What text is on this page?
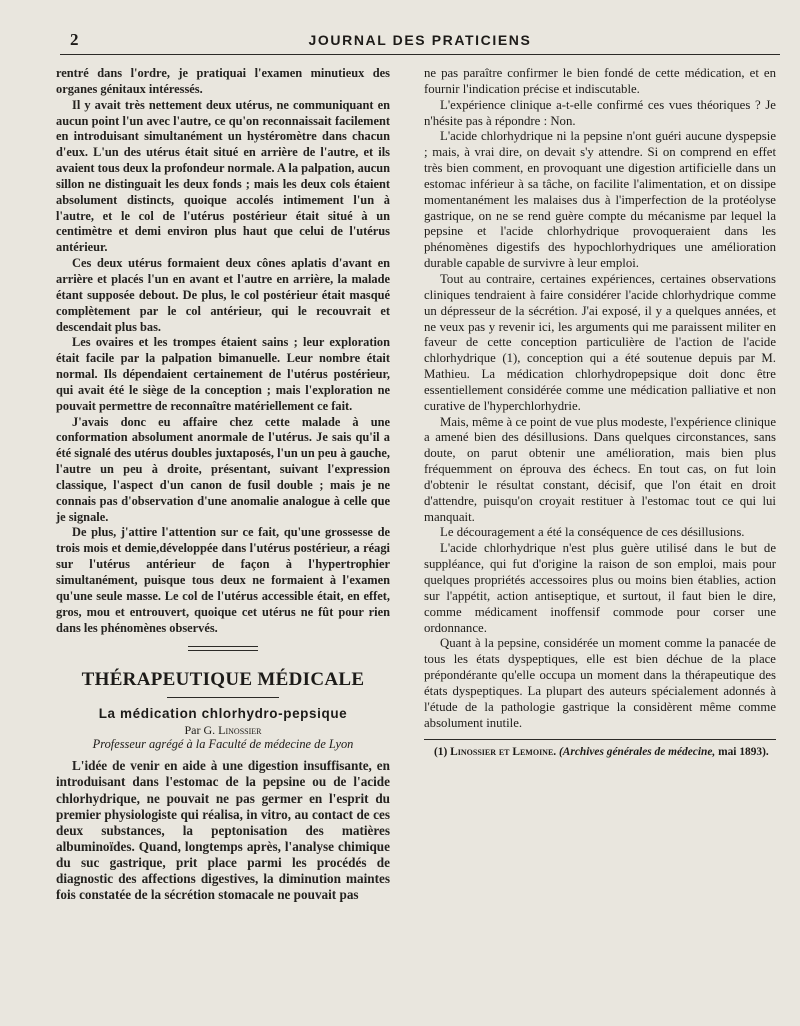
2	JOURNAL DES PRATICIENS

rentré dans l'ordre, je pratiquai l'examen minutieux des organes génitaux intéressés.

Il y avait très nettement deux utérus, ne communiquant en aucun point l'un avec l'autre, ce qu'on reconnaissait facilement en introduisant simultanément un hystéromètre dans chacun d'eux. L'un des utérus était situé en arrière de l'autre, et ils avaient tous deux la profondeur normale. A la palpation, aucun sillon ne distinguait les deux fonds ; mais les deux cols étaient absolument distincts, quoique accolés intimement l'un à l'autre, et le col de l'utérus postérieur était situé à un centimètre et demi environ plus haut que celui de l'utérus antérieur.

Ces deux utérus formaient deux cônes aplatis d'avant en arrière et placés l'un en avant et l'autre en arrière, la malade étant supposée debout. De plus, le col postérieur était masqué complètement par le col antérieur, qui le recouvrait et descendait plus bas.

Les ovaires et les trompes étaient sains ; leur exploration était facile par la palpation bimanuelle. Leur nombre était normal. Ils dépendaient certainement de l'utérus postérieur, qui avait été le siège de la conception ; mais l'exploration ne pouvait permettre de reconnaître matériellement ce fait.

J'avais donc eu affaire chez cette malade à une conformation absolument anormale de l'utérus. Je sais qu'il a été signalé des utérus doubles juxtaposés, l'un un peu à gauche, l'autre un peu à droite, présentant, suivant l'expression classique, l'aspect d'un canon de fusil double ; mais je ne connais pas d'observation d'une anomalie analogue à celle que je signale.

De plus, j'attire l'attention sur ce fait, qu'une grossesse de trois mois et demie,développée dans l'utérus postérieur, a réagi sur l'utérus antérieur de façon à l'hypertrophier simultanément, puisque tous deux ne formaient à l'examen qu'une seule masse. Le col de l'utérus accessible était, en effet, gros, mou et entrouvert, quoique cet utérus ne fût pour rien dans les phénomènes observés.

THÉRAPEUTIQUE MÉDICALE
La médication chlorhydro-pepsique
Par G. Linossier
Professeur agrégé à la Faculté de médecine de Lyon

L'idée de venir en aide à une digestion insuffisante, en introduisant dans l'estomac de la pepsine ou de l'acide chlorhydrique, ne pouvait ne pas germer en l'esprit du premier physiologiste qui réalisa, in vitro, au contact de ces deux substances, la peptonisation des matières albuminoïdes. Quand, longtemps après, l'analyse chimique du suc gastrique, prit place parmi les procédés de diagnostic des affections digestives, la diminution maintes fois constatée de la sécrétion stomacale ne pouvait pas

ne pas paraître confirmer le bien fondé de cette médication, et en fournir l'indication précise et indiscutable.

L'expérience clinique a-t-elle confirmé ces vues théoriques ? Je n'hésite pas à répondre : Non.

L'acide chlorhydrique ni la pepsine n'ont guéri aucune dyspepsie ; mais, à vrai dire, on devait s'y attendre. Si on comprend en effet très bien comment, en provoquant une digestion artificielle dans un estomac inférieur à sa tâche, on facilite l'alimentation, et on dissipe momentanément les malaises dus à l'imperfection de la protéolyse gastrique, on ne se rend guère compte du mécanisme par lequel la pepsine et l'acide chlorhydrique provoqueraient dans les phénomènes digestifs des hypochlorhydriques une amélioration durable capable de survivre à leur emploi.

Tout au contraire, certaines expériences, certaines observations cliniques tendraient à faire considérer l'acide chlorhydrique comme un dépresseur de la sécrétion. J'ai exposé, il y a quelques années, et ne veux pas y revenir ici, les arguments qui me paraissent militer en faveur de cette conception particulière de l'action de l'acide chlorhydrique (1), conception qui a été soutenue depuis par M. Mathieu. La médication chlorhydropepsique doit donc être essentiellement considérée comme une médication palliative et non curative de l'hyperchlorhydrie.

Mais, même à ce point de vue plus modeste, l'expérience clinique a amené bien des désillusions. Dans quelques circonstances, sans doute, on parut obtenir une amélioration, mais bien plus fréquemment on éprouva des échecs. En tout cas, on fut loin d'obtenir le résultat constant, décisif, que l'on était en droit d'attendre, puisqu'on croyait restituer à l'estomac tout ce qui lui manquait.

Le découragement a été la conséquence de ces désillusions.

L'acide chlorhydrique n'est plus guère utilisé dans le but de suppléance, qui fut d'origine la raison de son emploi, mais pour quelques propriétés accessoires plus ou moins bien établies, action sur l'appétit, action antiseptique, et surtout, il faut bien le dire, comme médicament inoffensif commode pour corser une ordonnance.

Quant à la pepsine, considérée un moment comme la panacée de tous les états dyspeptiques, elle est bien déchue de la place prépondérante qu'elle occupa un moment dans la thérapeutique des états dyspeptiques. La plupart des auteurs spécialement adonnés à l'étude de la pathologie gastrique la considèrent même comme absolument inutile.

(1) Linossier et Lemoine. (Archives générales de médecine, mai 1893).
